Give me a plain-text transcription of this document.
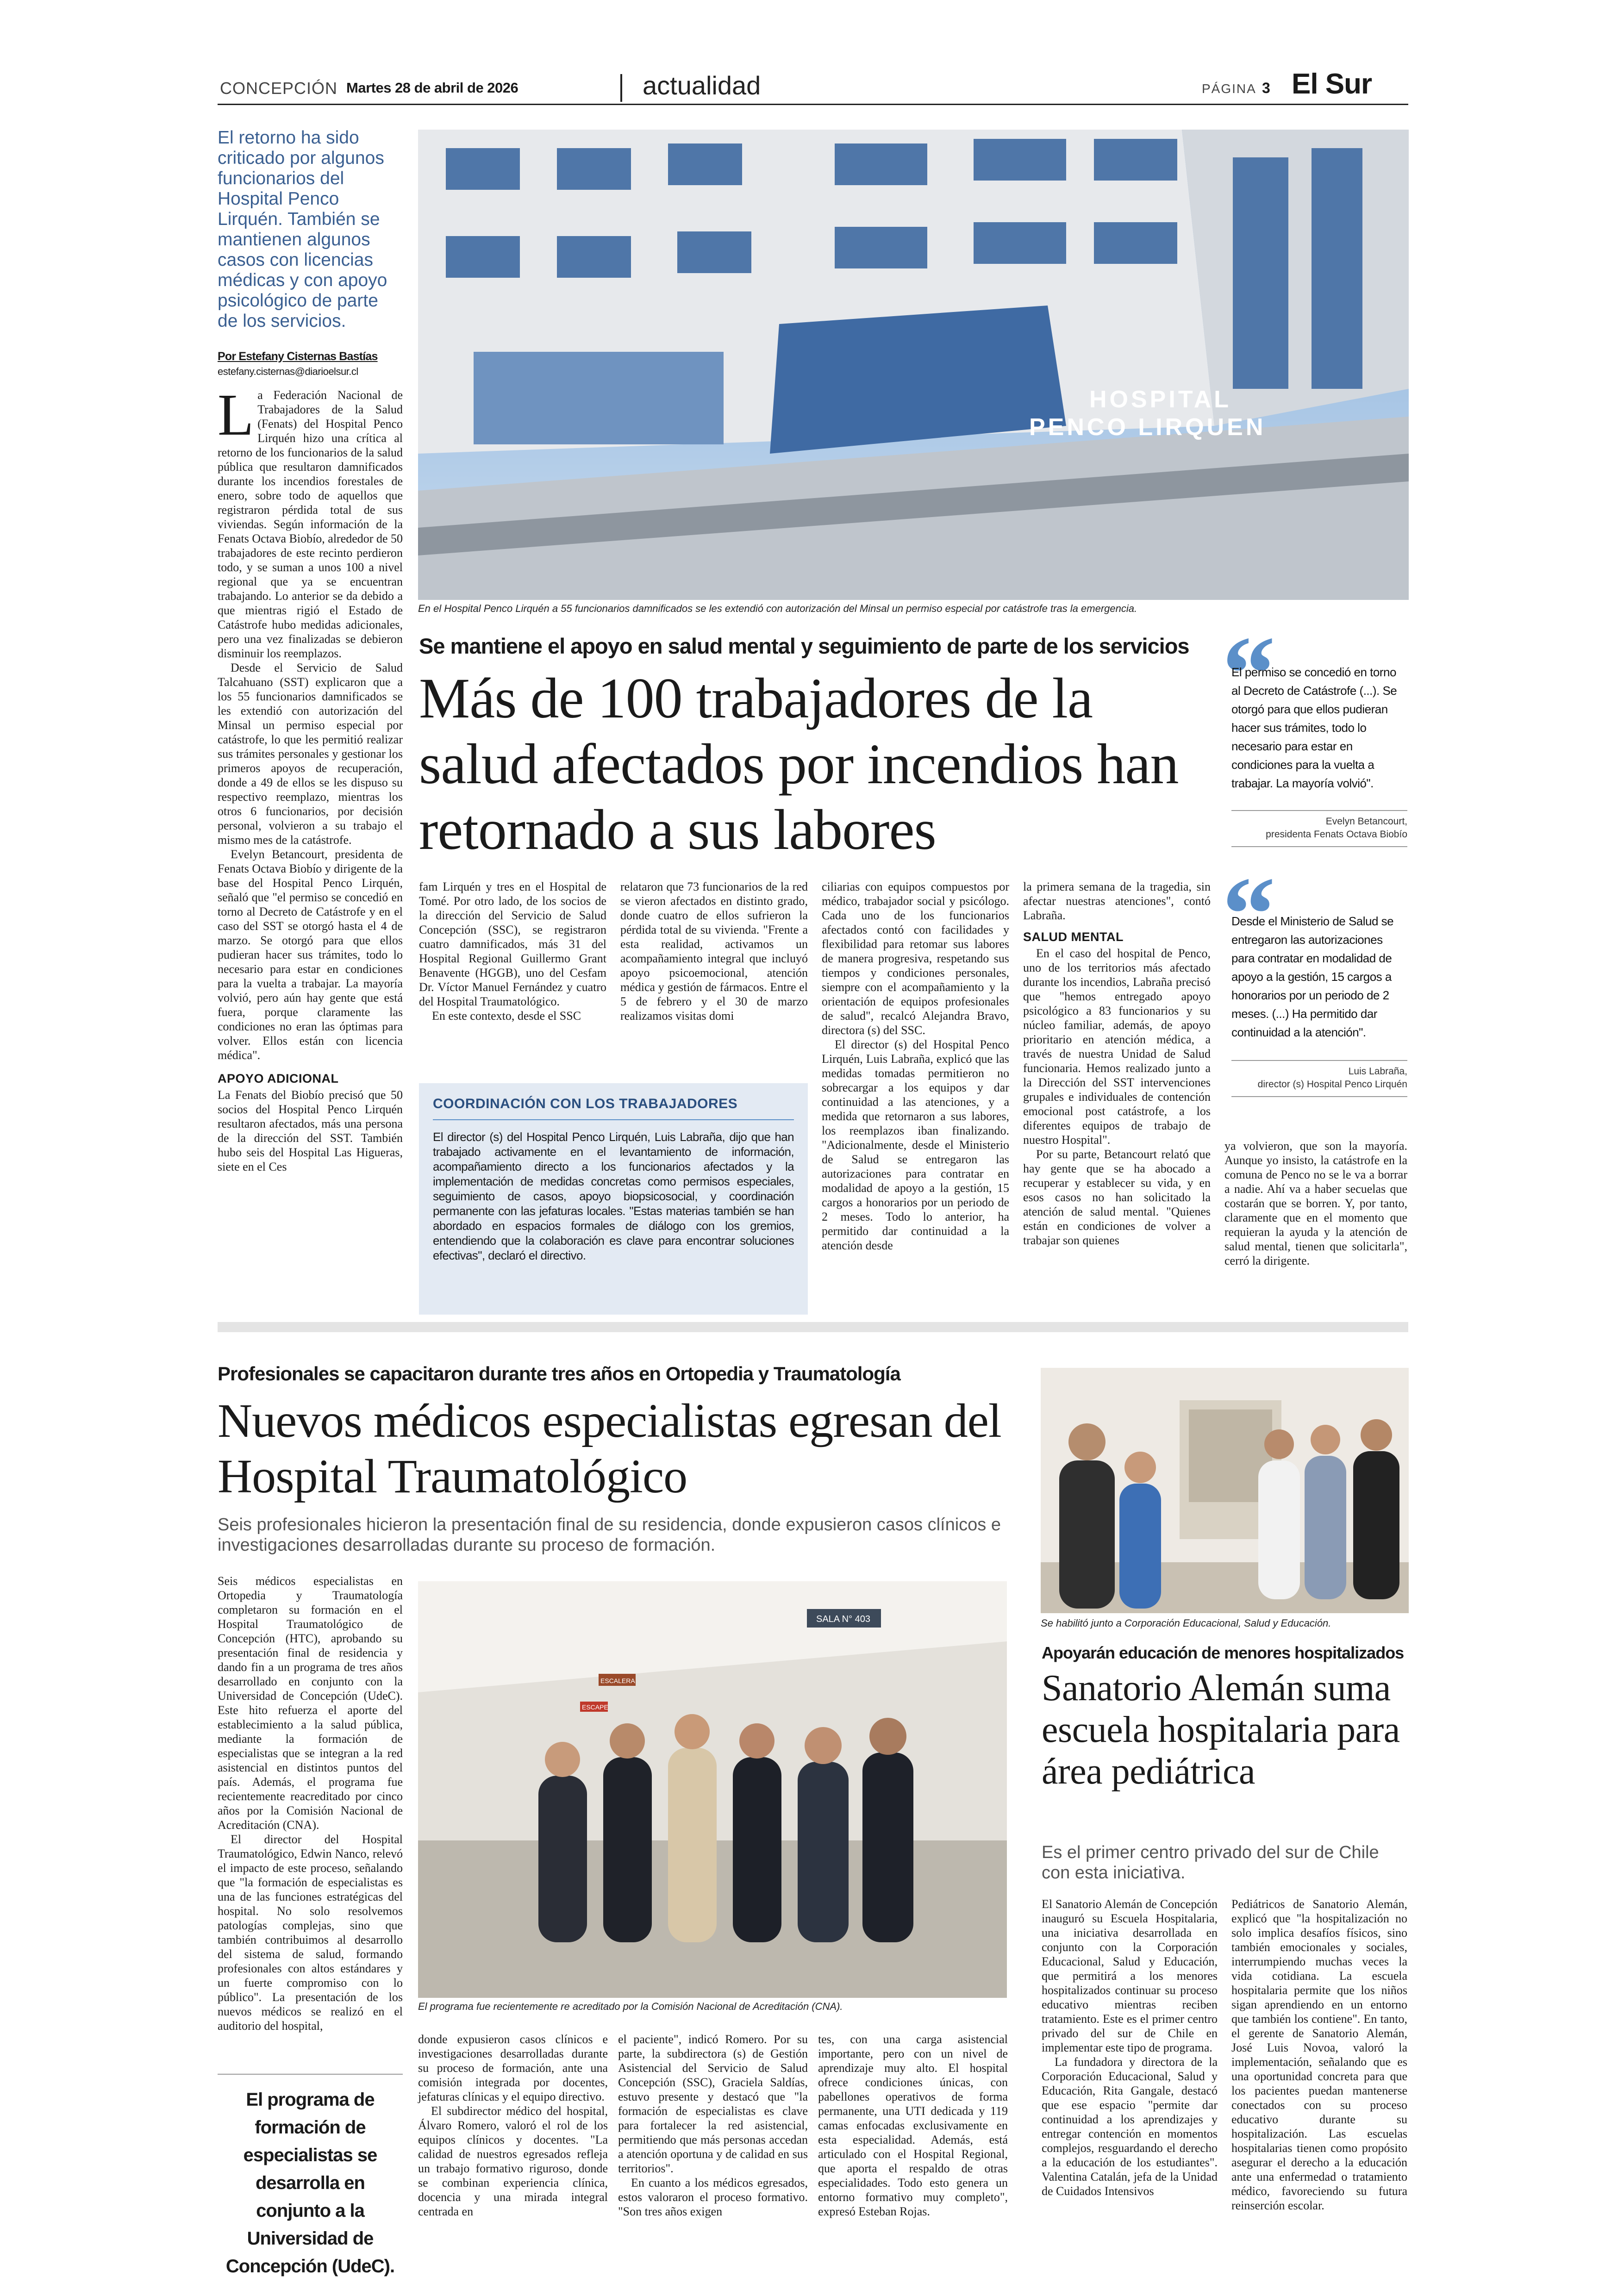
CONCEPCIÓN Martes 28 de abril de 2026	actualidad	PÁGINA 3 El Sur
El retorno ha sido criticado por algunos funcionarios del Hospital Penco Lirquén. También se mantienen algunos casos con licencias médicas y con apoyo psicológico de parte de los servicios.
Por Estefany Cisternas Bastías
estefany.cisternas@diarioelsur.cl
L a Federación Nacional de Trabajadores de la Salud (Fenats) del Hospital Penco Lirquén hizo una crítica al retorno de los funcionarios de la salud pública que resultaron damnificados durante los incendios forestales de enero, sobre todo de aquellos que registraron pérdida total de sus viviendas. Según información de la Fenats Octava Biobío, alrededor de 50 trabajadores de este recinto perdieron todo, y se suman a unos 100 a nivel regional que ya se encuentran trabajando. Lo anterior se da debido a que mientras rigió el Estado de Catástrofe hubo medidas adicionales, pero una vez finalizadas se debieron disminuir los reemplazos.

Desde el Servicio de Salud Talcahuano (SST) explicaron que a los 55 funcionarios damnificados se les extendió con autorización del Minsal un permiso especial por catástrofe, lo que les permitió realizar sus trámites personales y gestionar los primeros apoyos de recuperación, donde a 49 de ellos se les dispuso su respectivo reemplazo, mientras los otros 6 funcionarios, por decisión personal, volvieron a su trabajo el mismo mes de la catástrofe.

Evelyn Betancourt, presidenta de Fenats Octava Biobío y dirigente de la base del Hospital Penco Lirquén, señaló que "el permiso se concedió en torno al Decreto de Catástrofe y en el caso del SST se otorgó hasta el 4 de marzo. Se otorgó para que ellos pudieran hacer sus trámites, todo lo necesario para estar en condiciones para la vuelta a trabajar. La mayoría volvió, pero aún hay gente que está fuera, porque claramente las condiciones no eran las óptimas para volver. Ellos están con licencia médica".

APOYO ADICIONAL

La Fenats del Biobío precisó que 50 socios del Hospital Penco Lirquén resultaron afectados, más una persona de la dirección del SST. También hubo seis del Hospital Las Higueras, siete en el Ces

HOSPITAL
PENCO LIRQUEN
En el Hospital Penco Lirquén a 55 funcionarios damnificados se les extendió con autorización del Minsal un permiso especial por catástrofe tras la emergencia.
Se mantiene el apoyo en salud mental y seguimiento de parte de los servicios
Más de 100 trabajadores de la salud afectados por incendios han retornado a sus labores
“
El permiso se concedió en torno al Decreto de Catástrofe (...). Se otorgó para que ellos pudieran hacer sus trámites, todo lo necesario para estar en condiciones para la vuelta a trabajar. La mayoría volvió".
Evelyn Betancourt,
presidenta Fenats Octava Biobío
“
Desde el Ministerio de Salud se entregaron las autorizaciones para contratar en modalidad de apoyo a la gestión, 15 cargos a honorarios por un periodo de 2 meses. (...) Ha permitido dar continuidad a la atención".
Luis Labraña,
director (s) Hospital Penco Lirquén

fam Lirquén y tres en el Hospital de Tomé. Por otro lado, de los socios de la dirección del Servicio de Salud Concepción (SSC), se registraron cuatro damnificados, más 31 del Hospital Regional Guillermo Grant Benavente (HGGB), uno del Cesfam Dr. Víctor Manuel Fernández y cuatro del Hospital Traumatológico.

En este contexto, desde el SSC

relataron que 73 funcionarios de la red se vieron afectados en distinto grado, donde cuatro de ellos sufrieron la pérdida total de su vivienda. "Frente a esta realidad, activamos un acompañamiento integral que incluyó apoyo psicoemocional, atención médica y gestión de fármacos. Entre el 5 de febrero y el 30 de marzo realizamos visitas domi

ciliarias con equipos compuestos por médico, trabajador social y psicólogo. Cada uno de los funcionarios afectados contó con facilidades y flexibilidad para retomar sus labores de manera progresiva, respetando sus tiempos y condiciones personales, siempre con el acompañamiento y la orientación de equipos profesionales de salud", recalcó Alejandra Bravo, directora (s) del SSC.

El director (s) del Hospital Penco Lirquén, Luis Labraña, explicó que las medidas tomadas permitieron no sobrecargar a los equipos y dar continuidad a las atenciones, y a medida que retornaron a sus labores, los reemplazos iban finalizando. "Adicionalmente, desde el Ministerio de Salud se entregaron las autorizaciones para contratar en modalidad de apoyo a la gestión, 15 cargos a honorarios por un periodo de 2 meses. Todo lo anterior, ha permitido dar continuidad a la atención desde

la primera semana de la tragedia, sin afectar nuestras atenciones", contó Labraña.

SALUD MENTAL

En el caso del hospital de Penco, uno de los territorios más afectado durante los incendios, Labraña precisó que "hemos entregado apoyo psicológico a 83 funcionarios y su núcleo familiar, además, de apoyo prioritario en atención médica, a través de nuestra Unidad de Salud funcionaria. Hemos realizado junto a la Dirección del SST intervenciones grupales e individuales de contención emocional post catástrofe, a los diferentes equipos de trabajo de nuestro Hospital".

Por su parte, Betancourt relató que hay gente que se ha abocado a recuperar y establecer su vida, y en esos casos no han solicitado la atención de salud mental. "Quienes están en condiciones de volver a trabajar son quienes

ya volvieron, que son la mayoría. Aunque yo insisto, la catástrofe en la comuna de Penco no se le va a borrar a nadie. Ahí va a haber secuelas que costarán que se borren. Y, por tanto, claramente que en el momento que requieran la ayuda y la atención de salud mental, tienen que solicitarla", cerró la dirigente.

COORDINACIÓN CON LOS TRABAJADORES
El director (s) del Hospital Penco Lirquén, Luis Labraña, dijo que han trabajado activamente en el levantamiento de información, acompañamiento directo a los funcionarios afectados y la implementación de medidas concretas como permisos especiales, seguimiento de casos, apoyo biopsicosocial, y coordinación permanente con las jefaturas locales. "Estas materias también se han abordado en espacios formales de diálogo con los gremios, entendiendo que la colaboración es clave para encontrar soluciones efectivas", declaró el directivo.
Profesionales se capacitaron durante tres años en Ortopedia y Traumatología
Nuevos médicos especialistas egresan del Hospital Traumatológico
Seis profesionales hicieron la presentación final de su residencia, donde expusieron casos clínicos e investigaciones desarrolladas durante su proceso de formación.

Seis médicos especialistas en Ortopedia y Traumatología completaron su formación en el Hospital Traumatológico de Concepción (HTC), aprobando su presentación final de residencia y dando fin a un programa de tres años desarrollado en conjunto con la Universidad de Concepción (UdeC). Este hito refuerza el aporte del establecimiento a la salud pública, mediante la formación de especialistas que se integran a la red asistencial en distintos puntos del país. Además, el programa fue recientemente reacreditado por cinco años por la Comisión Nacional de Acreditación (CNA).

El director del Hospital Traumatológico, Edwin Nanco, relevó el impacto de este proceso, señalando que "la formación de especialistas es una de las funciones estratégicas del hospital. No solo resolvemos patologías complejas, sino que también contribuimos al desarrollo del sistema de salud, formando profesionales con altos estándares y un fuerte compromiso con lo público". La presentación de los nuevos médicos se realizó en el auditorio del hospital,

El programa de formación de especialistas se desarrolla en conjunto a la Universidad de Concepción (UdeC).
SALA N° 403
ESCALERA
ESCAPE
El programa fue recientemente re acreditado por la Comisión Nacional de Acreditación (CNA).

donde expusieron casos clínicos e investigaciones desarrolladas durante su proceso de formación, ante una comisión integrada por docentes, jefaturas clínicas y el equipo directivo.

El subdirector médico del hospital, Álvaro Romero, valoró el rol de los equipos clínicos y docentes. "La calidad de nuestros egresados refleja un trabajo formativo riguroso, donde se combinan experiencia clínica, docencia y una mirada integral centrada en

el paciente", indicó Romero. Por su parte, la subdirectora (s) de Gestión Asistencial del Servicio de Salud Concepción (SSC), Graciela Saldías, estuvo presente y destacó que "la formación de especialistas es clave para fortalecer la red asistencial, permitiendo que más personas accedan a atención oportuna y de calidad en sus territorios".

En cuanto a los médicos egresados, estos valoraron el proceso formativo. "Son tres años exigen

tes, con una carga asistencial importante, pero con un nivel de aprendizaje muy alto. El hospital ofrece condiciones únicas, con pabellones operativos de forma permanente, una UTI dedicada y 119 camas enfocadas exclusivamente en esta especialidad. Además, está articulado con el Hospital Regional, que aporta el respaldo de otras especialidades. Todo esto genera un entorno formativo muy completo", expresó Esteban Rojas.

Se habilitó junto a Corporación Educacional, Salud y Educación.
Apoyarán educación de menores hospitalizados
Sanatorio Alemán suma escuela hospitalaria para área pediátrica
Es el primer centro privado del sur de Chile con esta iniciativa.

El Sanatorio Alemán de Concepción inauguró su Escuela Hospitalaria, una iniciativa desarrollada en conjunto con la Corporación Educacional, Salud y Educación, que permitirá a los menores hospitalizados continuar su proceso educativo mientras reciben tratamiento. Este es el primer centro privado del sur de Chile en implementar este tipo de programa.

La fundadora y directora de la Corporación Educacional, Salud y Educación, Rita Gangale, destacó que ese espacio "permite dar continuidad a los aprendizajes y entregar contención en momentos complejos, resguardando el derecho a la educación de los estudiantes". Valentina Catalán, jefa de la Unidad de Cuidados Intensivos

Pediátricos de Sanatorio Alemán, explicó que "la hospitalización no solo implica desafíos físicos, sino también emocionales y sociales, interrumpiendo muchas veces la vida cotidiana. La escuela hospitalaria permite que los niños sigan aprendiendo en un entorno que también los contiene". En tanto, el gerente de Sanatorio Alemán, José Luis Novoa, valoró la implementación, señalando que es una oportunidad concreta para que los pacientes puedan mantenerse conectados con su proceso educativo durante su hospitalización. Las escuelas hospitalarias tienen como propósito asegurar el derecho a la educación ante una enfermedad o tratamiento médico, favoreciendo su futura reinserción escolar.
